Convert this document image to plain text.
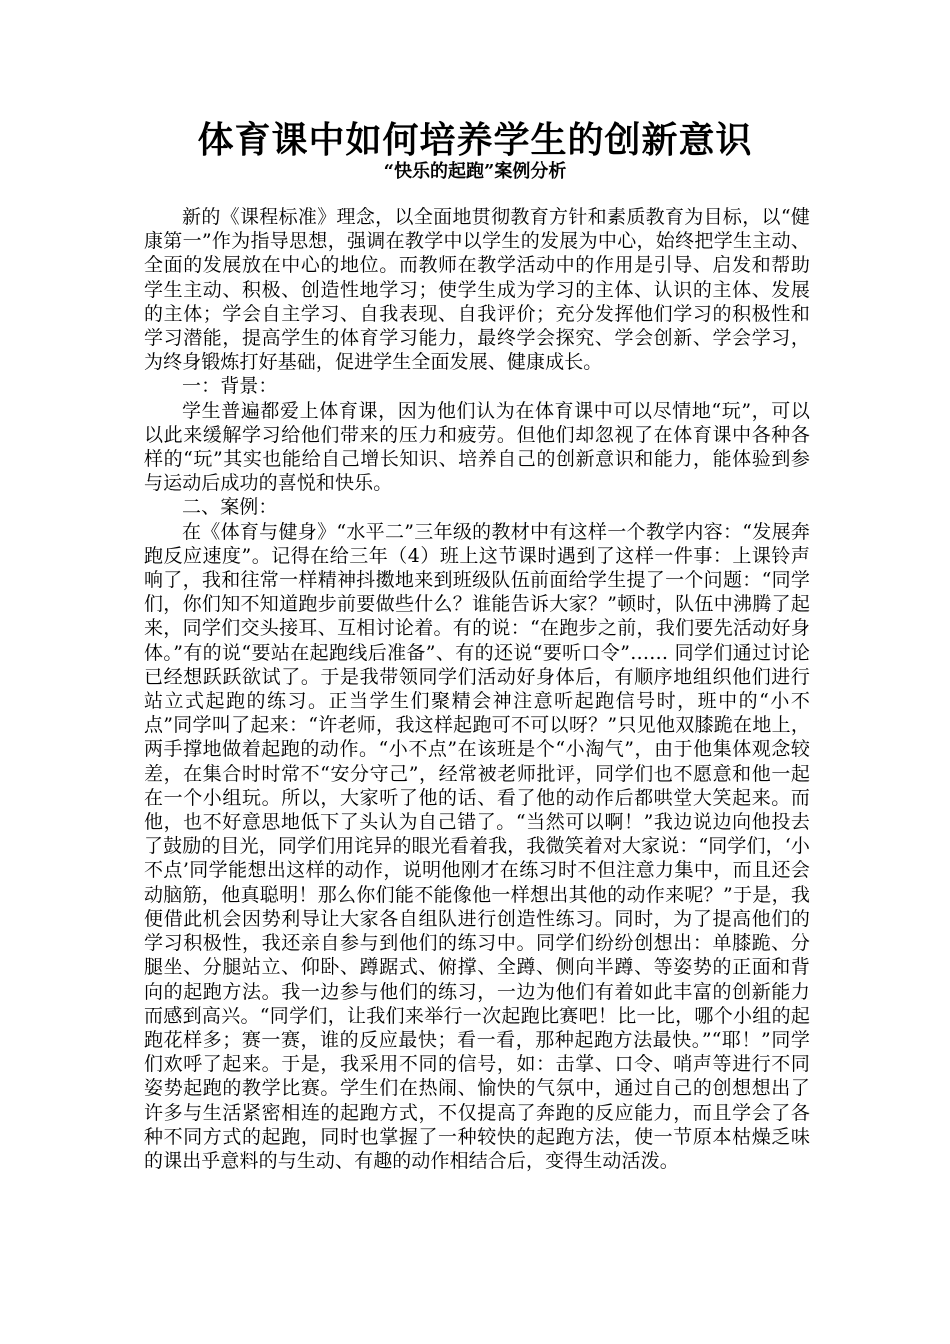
体育课中如何培养学生的创新意识
“快乐的起跑”案例分析

新的《课程标准》理念，以全面地贯彻教育方针和素质教育为目标，以“健康第一”作为指导思想，强调在教学中以学生的发展为中心，始终把学生主动、全面的发展放在中心的地位。而教师在教学活动中的作用是引导、启发和帮助学生主动、积极、创造性地学习；使学生成为学习的主体、认识的主体、发展的主体；学会自主学习、自我表现、自我评价；充分发挥他们学习的积极性和学习潜能，提高学生的体育学习能力，最终学会探究、学会创新、学会学习，为终身锻炼打好基础，促进学生全面发展、健康成长。

一：背景：

学生普遍都爱上体育课，因为他们认为在体育课中可以尽情地“玩”，可以以此来缓解学习给他们带来的压力和疲劳。但他们却忽视了在体育课中各种各样的“玩”其实也能给自己增长知识、培养自己的创新意识和能力，能体验到参与运动后成功的喜悦和快乐。

二、案例：

在《体育与健身》“水平二”三年级的教材中有这样一个教学内容：“发展奔跑反应速度”。记得在给三年（4）班上这节课时遇到了这样一件事：上课铃声响了，我和往常一样精神抖擞地来到班级队伍前面给学生提了一个问题：“同学们，你们知不知道跑步前要做些什么？谁能告诉大家？”顿时，队伍中沸腾了起来，同学们交头接耳、互相讨论着。有的说：“在跑步之前，我们要先活动好身体。”有的说“要站在起跑线后准备”、有的还说“要听口令”…… 同学们通过讨论已经想跃跃欲试了。于是我带领同学们活动好身体后，有顺序地组织他们进行站立式起跑的练习。正当学生们聚精会神注意听起跑信号时，班中的“小不点”同学叫了起来：“许老师，我这样起跑可不可以呀？”只见他双膝跪在地上，两手撑地做着起跑的动作。“小不点”在该班是个“小淘气”，由于他集体观念较差，在集合时时常不“安分守己”，经常被老师批评，同学们也不愿意和他一起在一个小组玩。所以，大家听了他的话、看了他的动作后都哄堂大笑起来。而他，也不好意思地低下了头认为自己错了。“当然可以啊！”我边说边向他投去了鼓励的目光，同学们用诧异的眼光看着我，我微笑着对大家说：“同学们，‘小不点’同学能想出这样的动作，说明他刚才在练习时不但注意力集中，而且还会动脑筋，他真聪明！那么你们能不能像他一样想出其他的动作来呢？”于是，我便借此机会因势利导让大家各自组队进行创造性练习。同时，为了提高他们的学习积极性，我还亲自参与到他们的练习中。同学们纷纷创想出：单膝跪、分腿坐、分腿站立、仰卧、蹲踞式、俯撑、全蹲、侧向半蹲、等姿势的正面和背向的起跑方法。我一边参与他们的练习，一边为他们有着如此丰富的创新能力而感到高兴。“同学们，让我们来举行一次起跑比赛吧！比一比，哪个小组的起跑花样多；赛一赛，谁的反应最快；看一看，那种起跑方法最快。”“耶！”同学们欢呼了起来。于是，我采用不同的信号，如：击掌、口令、哨声等进行不同姿势起跑的教学比赛。学生们在热闹、愉快的气氛中，通过自己的创想想出了许多与生活紧密相连的起跑方式，不仅提高了奔跑的反应能力，而且学会了各种不同方式的起跑，同时也掌握了一种较快的起跑方法，使一节原本枯燥乏味的课出乎意料的与生动、有趣的动作相结合后，变得生动活泼。
